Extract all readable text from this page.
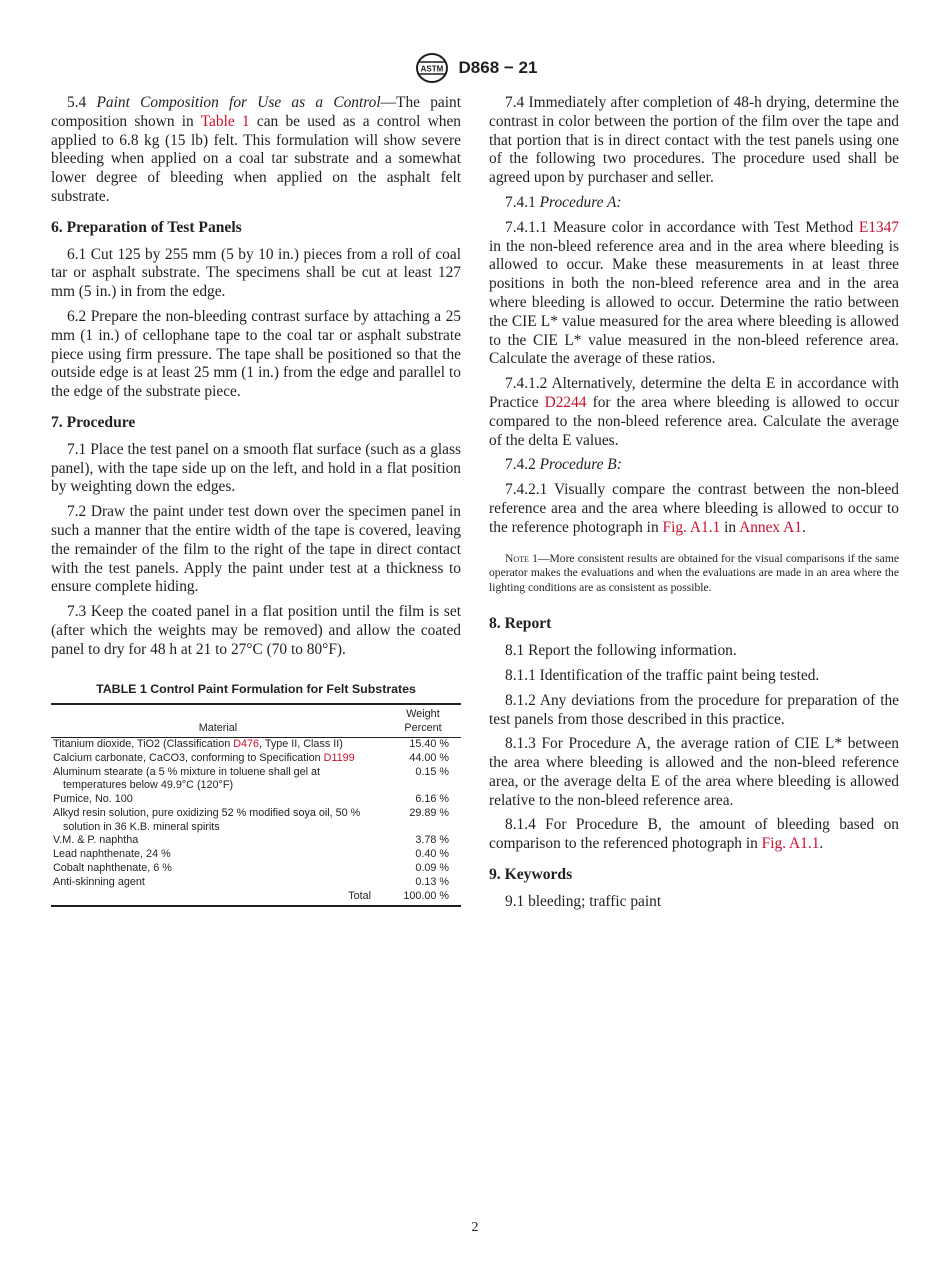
ASTM D868 − 21

5.4 Paint Composition for Use as a Control—The paint composition shown in Table 1 can be used as a control when applied to 6.8 kg (15 lb) felt. This formulation will show severe bleeding when applied on a coal tar substrate and a somewhat lower degree of bleeding when applied on the asphalt felt substrate.

6. Preparation of Test Panels

6.1 Cut 125 by 255 mm (5 by 10 in.) pieces from a roll of coal tar or asphalt substrate. The specimens shall be cut at least 127 mm (5 in.) in from the edge.

6.2 Prepare the non-bleeding contrast surface by attaching a 25 mm (1 in.) of cellophane tape to the coal tar or asphalt substrate piece using firm pressure. The tape shall be positioned so that the outside edge is at least 25 mm (1 in.) from the edge and parallel to the edge of the substrate piece.

7. Procedure

7.1 Place the test panel on a smooth flat surface (such as a glass panel), with the tape side up on the left, and hold in a flat position by weighting down the edges.

7.2 Draw the paint under test down over the specimen panel in such a manner that the entire width of the tape is covered, leaving the remainder of the film to the right of the tape in direct contact with the test panels. Apply the paint under test at a thickness to ensure complete hiding.

7.3 Keep the coated panel in a flat position until the film is set (after which the weights may be removed) and allow the coated panel to dry for 48 h at 21 to 27°C (70 to 80°F).

TABLE 1 Control Paint Formulation for Felt Substrates
Material	Weight Percent
Titanium dioxide, TiO2 (Classification D476, Type II, Class II)	15.40 %
Calcium carbonate, CaCO3, conforming to Specification D1199	44.00 %
Aluminum stearate (a 5 % mixture in toluene shall gel at
temperatures below 49.9°C (120°F)	0.15 %
Pumice, No. 100	6.16 %
Alkyd resin solution, pure oxidizing 52 % modified soya oil, 50 %
solution in 36 K.B. mineral spirits	29.89 %
V.M. & P. naphtha	3.78 %
Lead naphthenate, 24 %	0.40 %
Cobalt naphthenate, 6 %	0.09 %
Anti-skinning agent	0.13 %
Total	100.00 %

7.4 Immediately after completion of 48-h drying, determine the contrast in color between the portion of the film over the tape and that portion that is in direct contact with the test panels using one of the following two procedures. The procedure used shall be agreed upon by purchaser and seller.

7.4.1 Procedure A:

7.4.1.1 Measure color in accordance with Test Method E1347 in the non-bleed reference area and in the area where bleeding is allowed to occur. Make these measurements in at least three positions in both the non-bleed reference area and in the area where bleeding is allowed to occur. Determine the ratio between the CIE L* value measured for the area where bleeding is allowed to the CIE L* value measured in the non-bleed reference area. Calculate the average of these ratios.

7.4.1.2 Alternatively, determine the delta E in accordance with Practice D2244 for the area where bleeding is allowed to occur compared to the non-bleed reference area. Calculate the average of the delta E values.

7.4.2 Procedure B:

7.4.2.1 Visually compare the contrast between the non-bleed reference area and the area where bleeding is allowed to occur to the reference photograph in Fig. A1.1 in Annex A1.

Note 1—More consistent results are obtained for the visual comparisons if the same operator makes the evaluations and when the evaluations are made in an area where the lighting conditions are as consistent as possible.
8. Report

8.1 Report the following information.

8.1.1 Identification of the traffic paint being tested.

8.1.2 Any deviations from the procedure for preparation of the test panels from those described in this practice.

8.1.3 For Procedure A, the average ration of CIE L* between the area where bleeding is allowed and the non-bleed reference area, or the average delta E of the area where bleeding is allowed relative to the non-bleed reference area.

8.1.4 For Procedure B, the amount of bleeding based on comparison to the referenced photograph in Fig. A1.1.

9. Keywords

9.1 bleeding; traffic paint

2
